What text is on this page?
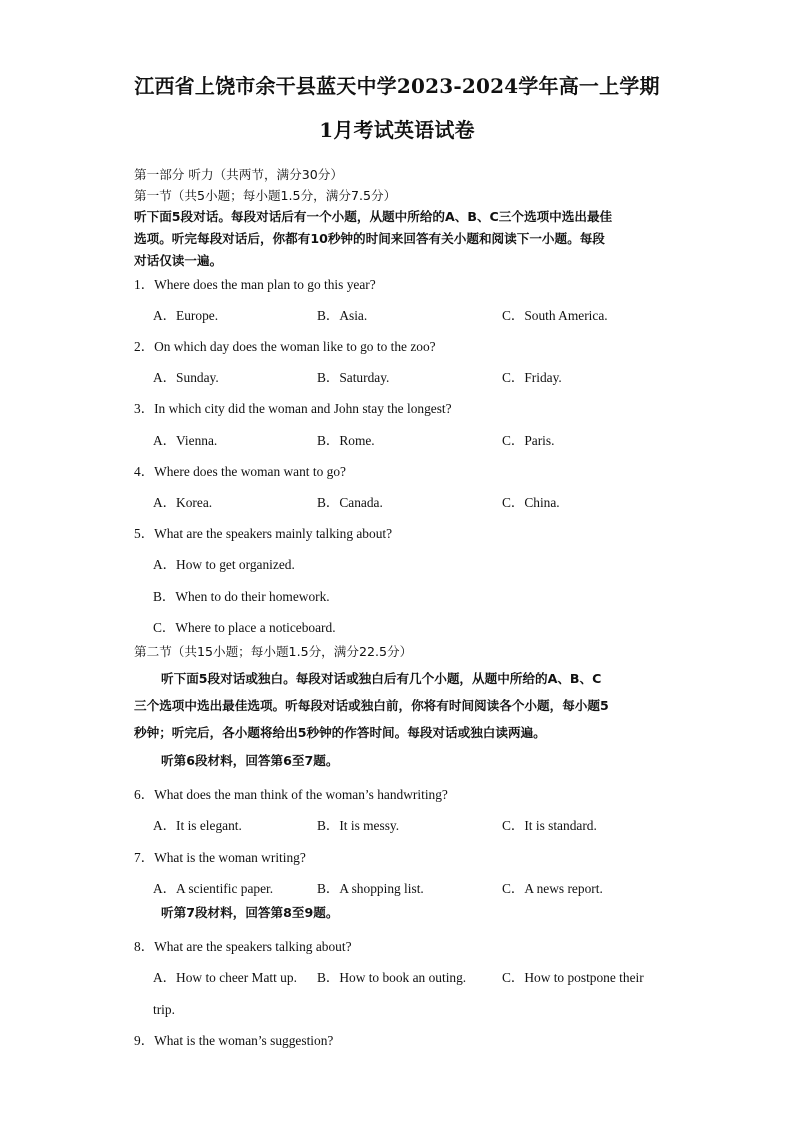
江西省上饶市余干县蓝天中学2023-2024学年高一上学期
1月考试英语试卷
第一部分 听力（共两节，满分30分）
第一节（共5小题；每小题1.5分，满分7.5分）
听下面5段对话。每段对话后有一个小题，从题中所给的A、B、C三个选项中选出最佳
选项。听完每段对话后，你都有10秒钟的时间来回答有关小题和阅读下一小题。每段
对话仅读一遍。
1．Where does the man plan to go this year?
A．Europe.	B．Asia.	C．South America.
2．On which day does the woman like to go to the zoo?
A．Sunday.	B．Saturday.	C．Friday.
3．In which city did the woman and John stay the longest?
A．Vienna.	B．Rome.	C．Paris.
4．Where does the woman want to go?
A．Korea.	B．Canada.	C．China.
5．What are the speakers mainly talking about?
A．How to get organized.
B．When to do their homework.
C．Where to place a noticeboard.
第二节（共15小题；每小题1.5分，满分22.5分）
听下面5段对话或独白。每段对话或独白后有几个小题，从题中所给的A、B、C
三个选项中选出最佳选项。听每段对话或独白前，你将有时间阅读各个小题，每小题5
秒钟；听完后，各小题将给出5秒钟的作答时间。每段对话或独白读两遍。
听第6段材料，回答第6至7题。
6．What does the man think of the woman’s handwriting?
A．It is elegant.	B．It is messy.	C．It is standard.
7．What is the woman writing?
A．A scientific paper.	B．A shopping list.	C．A news report.
听第7段材料，回答第8至9题。
8．What are the speakers talking about?
A．How to cheer Matt up. B．How to book an outing.	C．How to postpone their
trip.
9．What is the woman’s suggestion?
